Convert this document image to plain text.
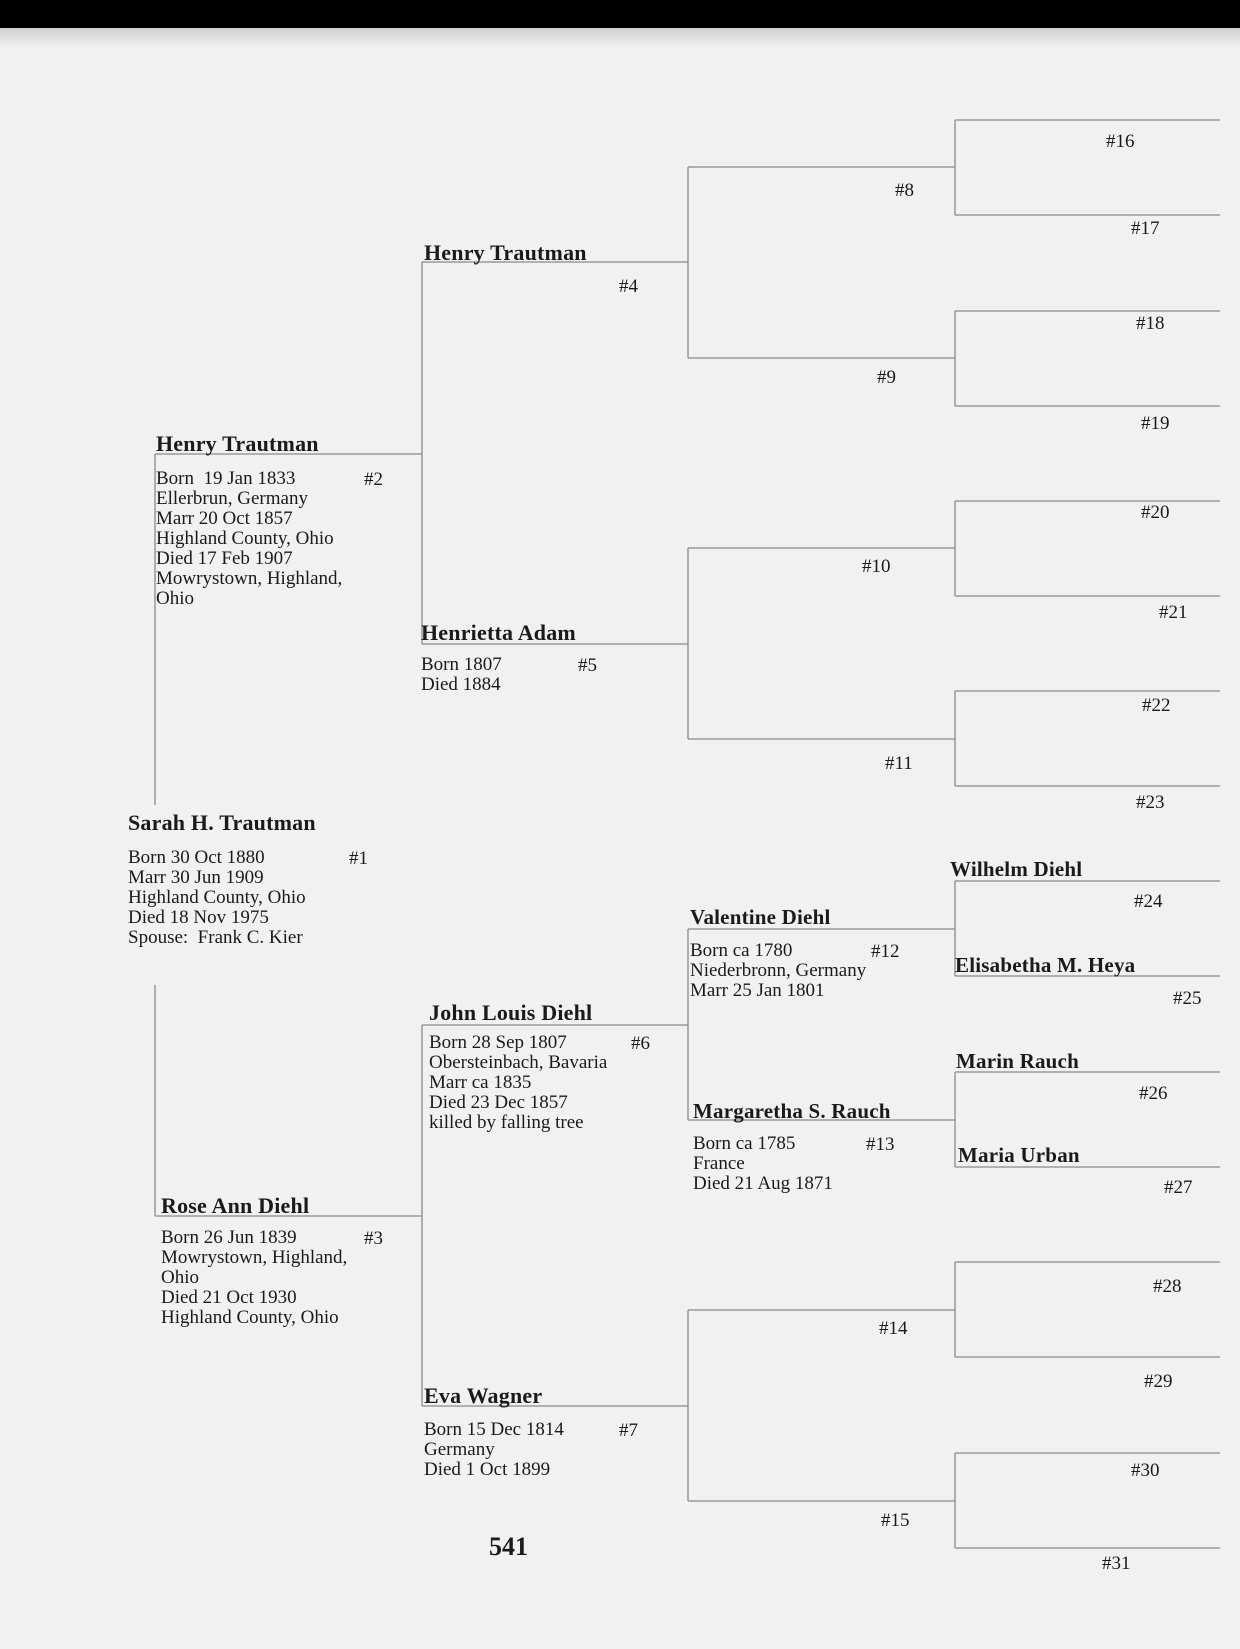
Sarah H. Trautman
Born 30 Oct 1880
Marr 30 Jun 1909
Highland County, Ohio
Died 18 Nov 1975
Spouse:  Frank C. Kier
#1
Henry Trautman
Born  19 Jan 1833
Ellerbrun, Germany
Marr 20 Oct 1857
Highland County, Ohio
Died 17 Feb 1907
Mowrystown, Highland,
Ohio
#2
Rose Ann Diehl
Born 26 Jun 1839
Mowrystown, Highland,
Ohio
Died 21 Oct 1930
Highland County, Ohio
#3
Henry Trautman
#4
Henrietta Adam
Born 1807
Died 1884
#5
John Louis Diehl
Born 28 Sep 1807
Obersteinbach, Bavaria
Marr ca 1835
Died 23 Dec 1857
killed by falling tree
#6
Eva Wagner
Born 15 Dec 1814
Germany
Died 1 Oct 1899
#7
#8
#9
#10
#11
Valentine Diehl
Born ca 1780
Niederbronn, Germany
Marr 25 Jan 1801
#12
Margaretha S. Rauch
Born ca 1785
France
Died 21 Aug 1871
#13
#14
#15
#16
#17
#18
#19
#20
#21
#22
#23
Wilhelm Diehl
#24
Elisabetha M. Heya
#25
Marin Rauch
#26
Maria Urban
#27
#28
#29
#30
#31
541
